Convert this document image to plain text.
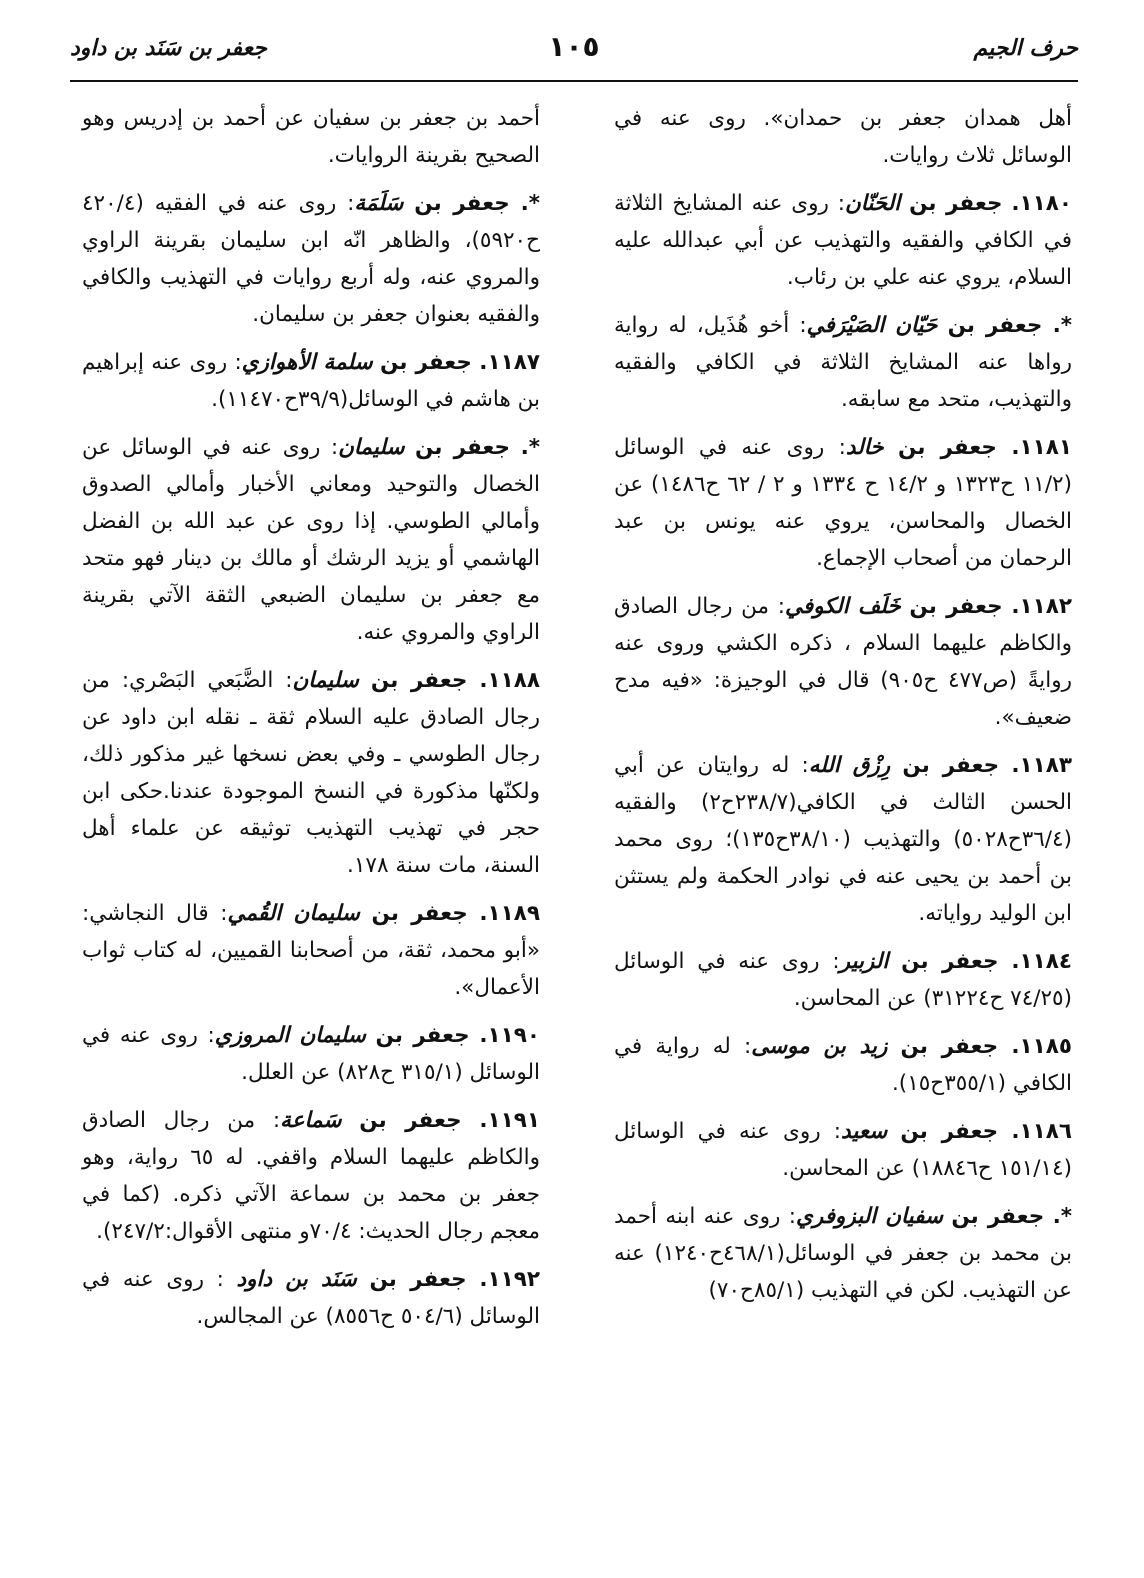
حرف الجيم
١٠٥
جعفر بن سَنَد بن داود

أهل همدان جعفر بن حمدان». روى عنه في الوسائل ثلاث روايات.

١١٨٠. جعفر بن الحَنّان: روى عنه المشايخ الثلاثة في الكافي والفقيه والتهذيب عن أبي عبدالله عليه السلام، يروي عنه علي بن رئاب.

*. جعفر بن حَيّان الصَيْرَفي: أخو هُذَيل، له رواية رواها عنه المشايخ الثلاثة في الكافي والفقيه والتهذيب، متحد مع سابقه.

١١٨١. جعفر بن خالد: روى عنه في الوسائل (١١/٢ ح١٣٢٣ و ١٤/٢ ح ١٣٣٤ و ٢ / ٦٢ ح١٤٨٦) عن الخصال والمحاسن، يروي عنه يونس بن عبد الرحمان من أصحاب الإجماع.

١١٨٢. جعفر بن خَلَف الكوفي: من رجال الصادق والكاظم عليهما السلام ، ذكره الكشي وروى عنه روايةً (ص٤٧٧ ح٩٠٥) قال في الوجيزة: «فيه مدح ضعيف».

١١٨٣. جعفر بن رِزْق الله: له روايتان عن أبي الحسن الثالث في الكافي(٢٣٨/٧ح٢) والفقيه (٣٦/٤ح٥٠٢٨) والتهذيب (٣٨/١٠ح١٣٥)؛ روى محمد بن أحمد بن يحيى عنه في نوادر الحكمة ولم يستثن ابن الوليد رواياته.

١١٨٤. جعفر بن الزبير: روى عنه في الوسائل (٧٤/٢٥ ح٣١٢٢٤) عن المحاسن.

١١٨٥. جعفر بن زيد بن موسى: له رواية في الكافي (٣٥٥/١ح١٥).

١١٨٦. جعفر بن سعيد: روى عنه في الوسائل (١٥١/١٤ ح١٨٨٤٦) عن المحاسن.

*. جعفر بن سفيان البزوفري: روى عنه ابنه أحمد بن محمد بن جعفر في الوسائل(٤٦٨/١ح١٢٤٠) عنه عن التهذيب. لكن في التهذيب (٨٥/١ح٧٠)

أحمد بن جعفر بن سفيان عن أحمد بن إدريس وهو الصحيح بقرينة الروايات.

*. جعفر بن سَلَمَة: روى عنه في الفقيه (٤٢٠/٤ ح٥٩٢٠)، والظاهر انّه ابن سليمان بقرينة الراوي والمروي عنه، وله أربع روايات في التهذيب والكافي والفقيه بعنوان جعفر بن سليمان.

١١٨٧. جعفر بن سلمة الأهوازي: روى عنه إبراهيم بن هاشم في الوسائل(٣٩/٩ح١١٤٧٠).

*. جعفر بن سليمان: روى عنه في الوسائل عن الخصال والتوحيد ومعاني الأخبار وأمالي الصدوق وأمالي الطوسي. إذا روى عن عبد الله بن الفضل الهاشمي أو يزيد الرشك أو مالك بن دينار فهو متحد مع جعفر بن سليمان الضبعي الثقة الآتي بقرينة الراوي والمروي عنه.

١١٨٨. جعفر بن سليمان: الضَّبَعي البَصْري: من رجال الصادق عليه السلام ثقة ـ نقله ابن داود عن رجال الطوسي ـ وفي بعض نسخها غير مذكور ذلك، ولكنّها مذكورة في النسخ الموجودة عندنا.حكى ابن حجر في تهذيب التهذيب توثيقه عن علماء أهل السنة، مات سنة ١٧٨.

١١٨٩. جعفر بن سليمان القُمي: قال النجاشي: «أبو محمد، ثقة، من أصحابنا القميين، له كتاب ثواب الأعمال».

١١٩٠. جعفر بن سليمان المروزي: روى عنه في الوسائل (٣١٥/١ ح٨٢٨) عن العلل.

١١٩١. جعفر بن سَماعة: من رجال الصادق والكاظم عليهما السلام واقفي. له ٦٥ رواية، وهو جعفر بن محمد بن سماعة الآتي ذكره. (كما في معجم رجال الحديث: ٧٠/٤و منتهى الأقوال:٢٤٧/٢).

١١٩٢. جعفر بن سَنَد بن داود : روى عنه في الوسائل (٥٠٤/٦ ح٨٥٥٦) عن المجالس.
